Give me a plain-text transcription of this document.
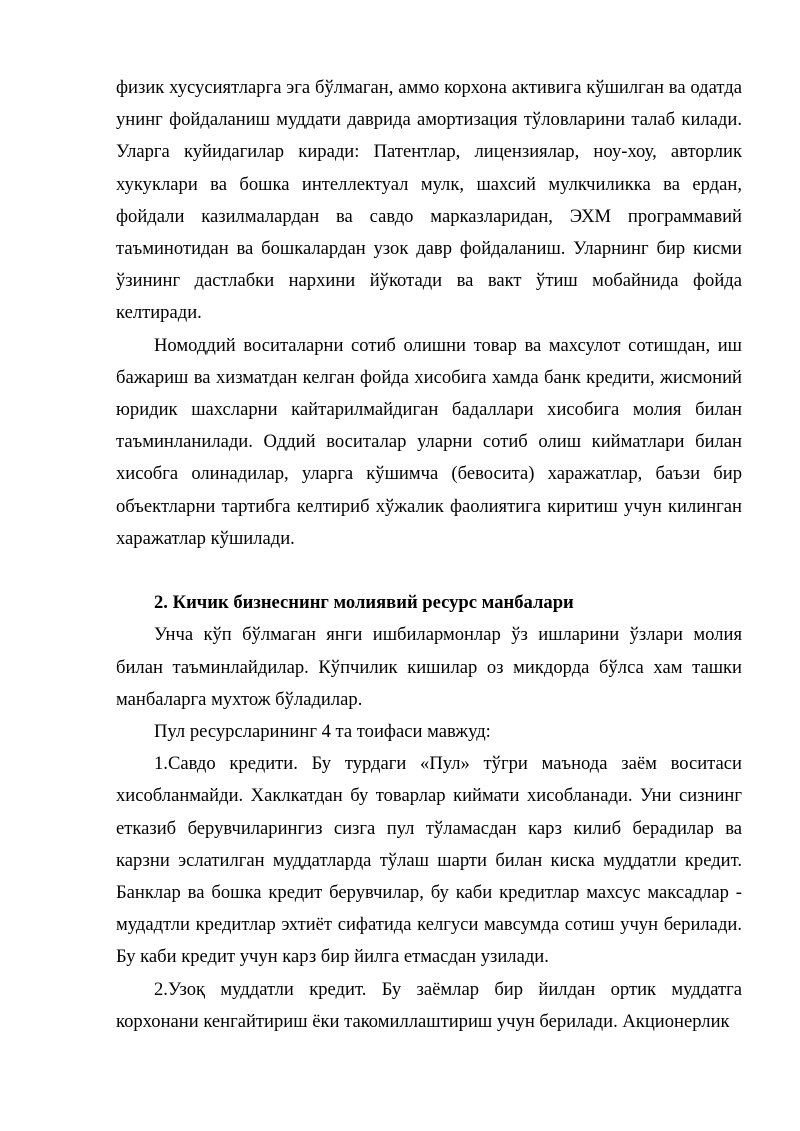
физик хусусиятларга эга бўлмаган, аммо корхона активига кўшилган ва одатда унинг фойдаланиш муддати даврида амортизация тўловларини талаб килади. Уларга куйидагилар киради: Патентлар, лицензиялар, ноу-хоу, авторлик хукуклари ва бошка интеллектуал мулк, шахсий мулкчиликка ва ердан, фойдали казилмалардан ва савдо марказларидан, ЭХМ программавий таъминотидан ва бошкалардан узок давр фойдаланиш. Уларнинг бир кисми ўзининг дастлабки нархини йўкотади ва вакт ўтиш мобайнида фойда келтиради.

Номоддий воситаларни сотиб олишни товар ва махсулот сотишдан, иш бажариш ва хизматдан келган фойда хисобига хамда банк кредити, жисмоний юридик шахсларни кайтарилмайдиган бадаллари хисобига молия билан таъминланилади. Оддий воситалар уларни сотиб олиш кийматлари билан хисобга олинадилар, уларга кўшимча (бевосита) харажатлар, баъзи бир объектларни тартибга келтириб хўжалик фаолиятига киритиш учун килинган харажатлар кўшилади.

2. Кичик бизнеснинг молиявий ресурс манбалари

Унча кўп бўлмаган янги ишбилармонлар ўз ишларини ўзлари молия билан таъминлайдилар. Кўпчилик кишилар оз микдорда бўлса хам ташки манбаларга мухтож бўладилар.

Пул ресурсларининг 4 та тоифаси мавжуд:

1.Савдо кредити. Бу турдаги «Пул» тўгри маънода заём воситаси хисобланмайди. Хаклкатдан бу товарлар киймати хисобланади. Уни сизнинг етказиб берувчиларингиз сизга пул тўламасдан карз килиб берадилар ва карзни эслатилган муддатларда тўлаш шарти билан киска муддатли кредит. Банклар ва бошка кредит берувчилар, бу каби кредитлар махсус максадлар - мудадтли кредитлар эхтиёт сифатида келгуси мавсумда сотиш учун берилади. Бу каби кредит учун карз бир йилга етмасдан узилади.

2.Узоқ муддатли кредит. Бу заёмлар бир йилдан ортик муддатга корхонани кенгайтириш ёки такомиллаштириш учун берилади. Акционерлик
